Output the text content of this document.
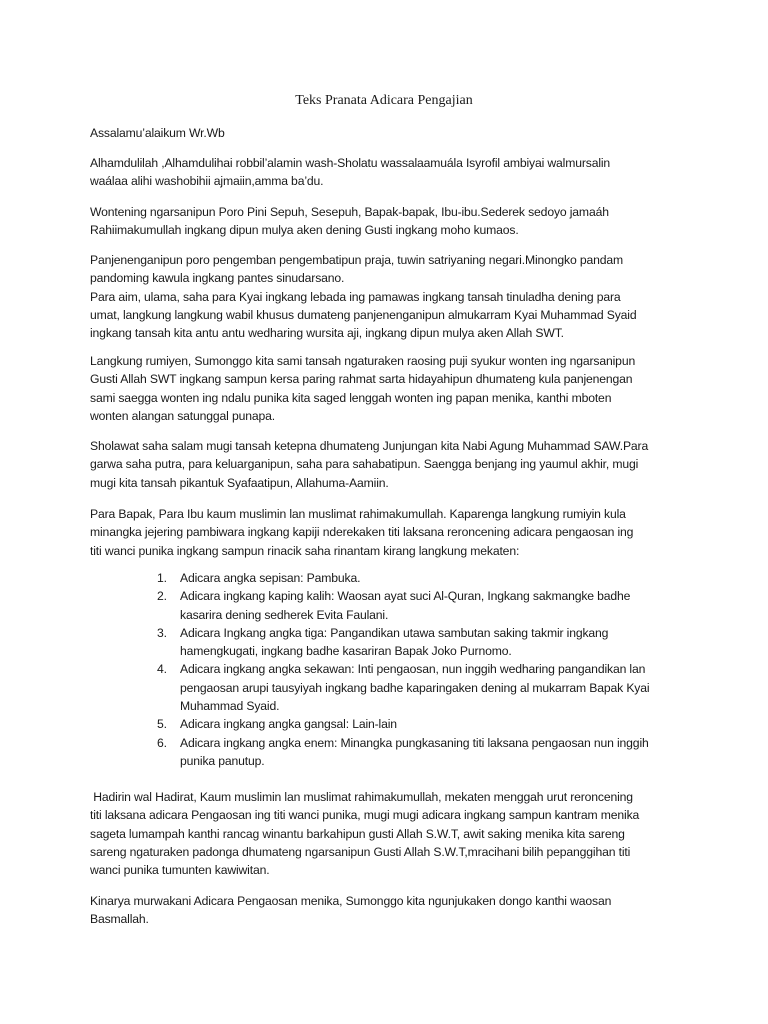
Teks Pranata Adicara Pengajian

Assalamu’alaikum Wr.Wb

Alhamdulilah ,Alhamdulihai robbil’alamin wash-Sholatu wassalaamuála Isyrofil ambiyai walmursalin
waálaa alihi washobihii ajmaiin,amma ba’du.

Wontening ngarsanipun Poro Pini Sepuh, Sesepuh, Bapak-bapak, Ibu-ibu.Sederek sedoyo jamaáh
Rahiimakumullah ingkang dipun mulya aken dening Gusti ingkang moho kumaos.

Panjenenganipun poro pengemban pengembatipun praja, tuwin satriyaning negari.Minongko pandam
pandoming kawula ingkang pantes sinudarsano.
Para aim, ulama, saha para Kyai ingkang lebada ing pamawas ingkang tansah tinuladha dening para
umat, langkung langkung wabil khusus dumateng panjenenganipun almukarram Kyai Muhammad Syaid
ingkang tansah kita antu antu wedharing wursita aji, ingkang dipun mulya aken Allah SWT.

Langkung rumiyen, Sumonggo kita sami tansah ngaturaken raosing puji syukur wonten ing ngarsanipun
Gusti Allah SWT ingkang sampun kersa paring rahmat sarta hidayahipun dhumateng kula panjenengan
sami saegga wonten ing ndalu punika kita saged lenggah wonten ing papan menika, kanthi mboten
wonten alangan satunggal punapa.

Sholawat saha salam mugi tansah ketepna dhumateng Junjungan kita Nabi Agung Muhammad SAW.Para
garwa saha putra, para keluarganipun, saha para sahabatipun. Saengga benjang ing yaumul akhir, mugi
mugi kita tansah pikantuk Syafaatipun, Allahuma-Aamiin.

Para Bapak, Para Ibu kaum muslimin lan muslimat rahimakumullah. Kaparenga langkung rumiyin kula
minangka jejering pambiwara ingkang kapiji nderekaken titi laksana reroncening adicara pengaosan ing
titi wanci punika ingkang sampun rinacik saha rinantam kirang langkung mekaten:

1. Adicara angka sepisan: Pambuka.
2. Adicara ingkang kaping kalih: Waosan ayat suci Al-Quran, Ingkang sakmangke badhe
kasarira dening sedherek Evita Faulani.
3. Adicara Ingkang angka tiga: Pangandikan utawa sambutan saking takmir ingkang
hamengkugati, ingkang badhe kasariran Bapak Joko Purnomo.
4. Adicara ingkang angka sekawan: Inti pengaosan, nun inggih wedharing pangandikan lan
pengaosan arupi tausyiyah ingkang badhe kaparingaken dening al mukarram Bapak Kyai
Muhammad Syaid.
5. Adicara ingkang angka gangsal: Lain-lain
6. Adicara ingkang angka enem: Minangka pungkasaning titi laksana pengaosan nun inggih
punika panutup.

Hadirin wal Hadirat, Kaum muslimin lan muslimat rahimakumullah, mekaten menggah urut reroncening
titi laksana adicara Pengaosan ing titi wanci punika, mugi mugi adicara ingkang sampun kantram menika
sageta lumampah kanthi rancag winantu barkahipun gusti Allah S.W.T, awit saking menika kita sareng
sareng ngaturaken padonga dhumateng ngarsanipun Gusti Allah S.W.T,mracihani bilih pepanggihan titi
wanci punika tumunten kawiwitan.

Kinarya murwakani Adicara Pengaosan menika, Sumonggo kita ngunjukaken dongo kanthi waosan
Basmallah.
